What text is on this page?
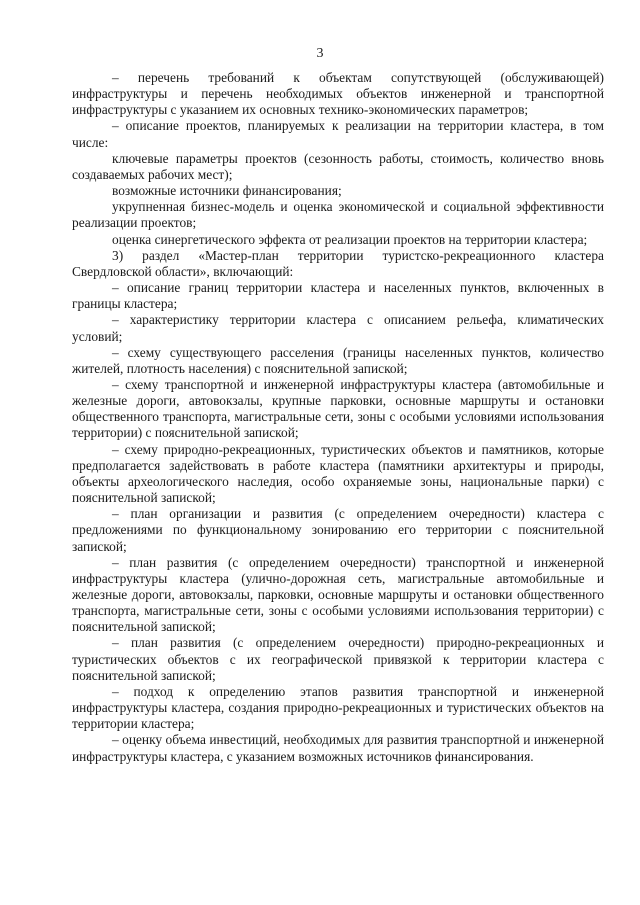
3

– перечень требований к объектам сопутствующей (обслуживающей) инфраструктуры и перечень необходимых объектов инженерной и транспортной инфраструктуры с указанием их основных технико-экономических параметров;

– описание проектов, планируемых к реализации на территории кластера, в том числе:

ключевые параметры проектов (сезонность работы, стоимость, количество вновь создаваемых рабочих мест);

возможные источники финансирования;

укрупненная бизнес-модель и оценка экономической и социальной эффективности реализации проектов;

оценка синергетического эффекта от реализации проектов на территории кластера;

3) раздел «Мастер-план территории туристско-рекреационного кластера Свердловской области», включающий:

– описание границ территории кластера и населенных пунктов, включенных в границы кластера;

– характеристику территории кластера с описанием рельефа, климатических условий;

– схему существующего расселения (границы населенных пунктов, количество жителей, плотность населения) с пояснительной запиской;

– схему транспортной и инженерной инфраструктуры кластера (автомобильные и железные дороги, автовокзалы, крупные парковки, основные маршруты и остановки общественного транспорта, магистральные сети, зоны с особыми условиями использования территории) с пояснительной запиской;

– схему природно-рекреационных, туристических объектов и памятников, которые предполагается задействовать в работе кластера (памятники архитектуры и природы, объекты археологического наследия, особо охраняемые зоны, национальные парки) с пояснительной запиской;

– план организации и развития (с определением очередности) кластера с предложениями по функциональному зонированию его территории с пояснительной запиской;

– план развития (с определением очередности) транспортной и инженерной инфраструктуры кластера (улично-дорожная сеть, магистральные автомобильные и железные дороги, автовокзалы, парковки, основные маршруты и остановки общественного транспорта, магистральные сети, зоны с особыми условиями использования территории) с пояснительной запиской;

– план развития (с определением очередности) природно-рекреационных и туристических объектов с их географической привязкой к территории кластера с пояснительной запиской;

– подход к определению этапов развития транспортной и инженерной инфраструктуры кластера, создания природно-рекреационных и туристических объектов на территории кластера;

– оценку объема инвестиций, необходимых для развития транспортной и инженерной инфраструктуры кластера, с указанием возможных источников финансирования.
